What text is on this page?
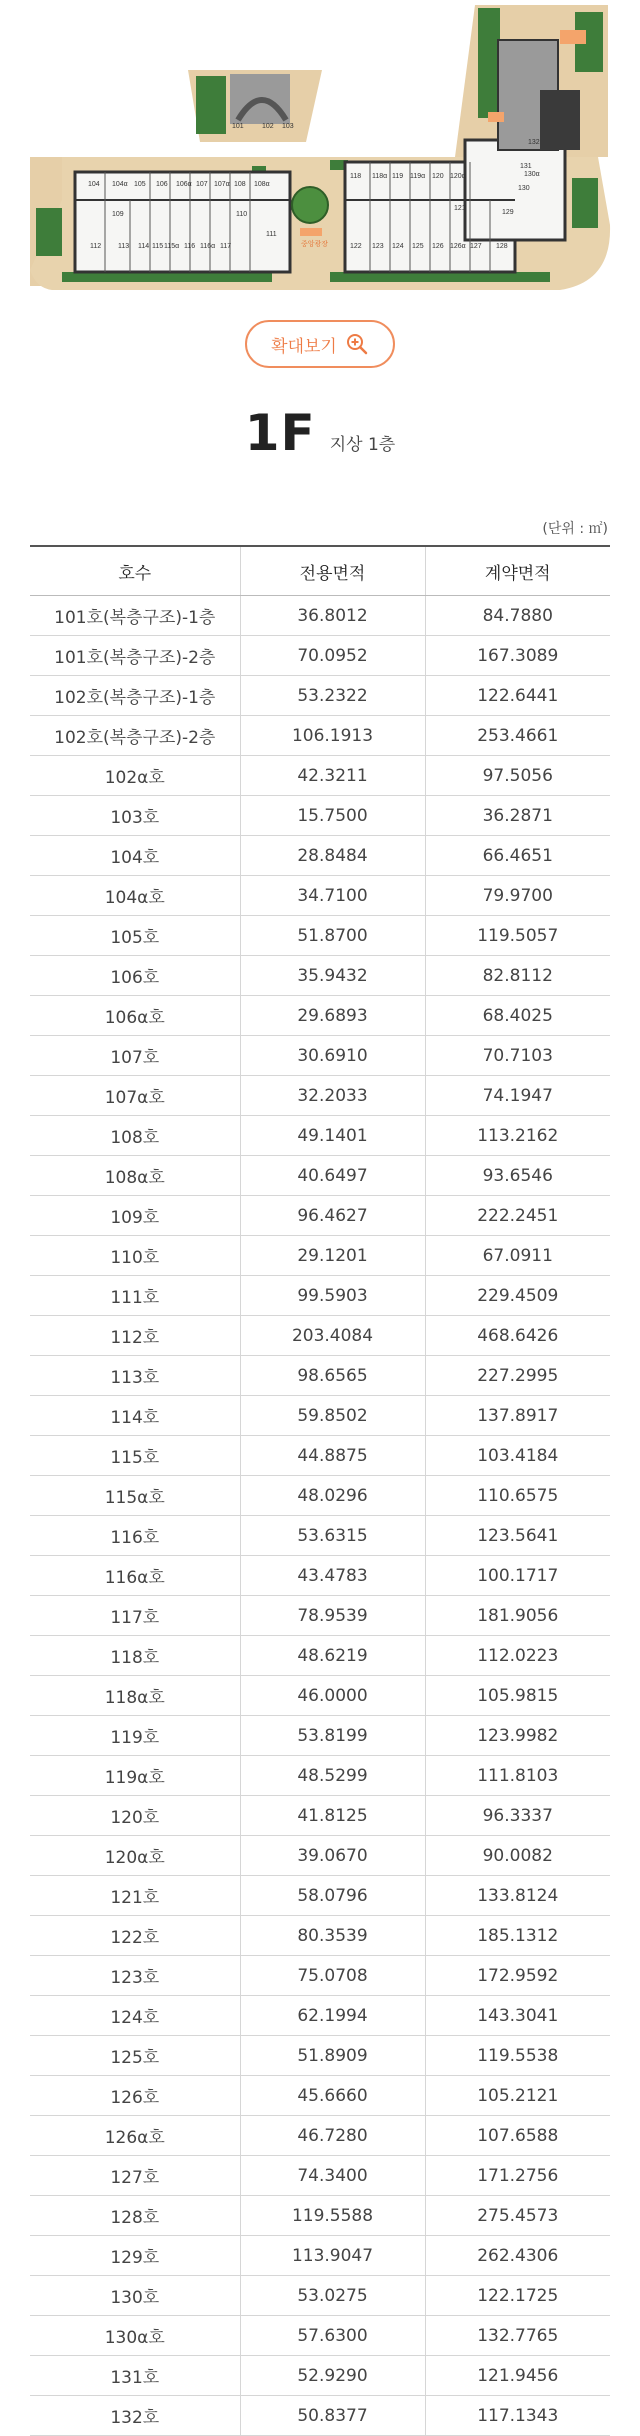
101	102 103
104 104α 105 106 106α 107 107α 108 108α
109	110
111
112 113 114 115 115α 116 116α 117
118 118α 119 119α 120 120α
121
122 123 124 125 126 126α 127 128
129
130
130α
131
132
중앙광장
확대보기
1F 지상 1층
(단위 : ㎡)
호수	전용면적	계약면적
101호(복층구조)-1층	36.8012	84.7880
101호(복층구조)-2층	70.0952	167.3089
102호(복층구조)-1층	53.2322	122.6441
102호(복층구조)-2층	106.1913	253.4661
102α호	42.3211	97.5056
103호	15.7500	36.2871
104호	28.8484	66.4651
104α호	34.7100	79.9700
105호	51.8700	119.5057
106호	35.9432	82.8112
106α호	29.6893	68.4025
107호	30.6910	70.7103
107α호	32.2033	74.1947
108호	49.1401	113.2162
108α호	40.6497	93.6546
109호	96.4627	222.2451
110호	29.1201	67.0911
111호	99.5903	229.4509
112호	203.4084	468.6426
113호	98.6565	227.2995
114호	59.8502	137.8917
115호	44.8875	103.4184
115α호	48.0296	110.6575
116호	53.6315	123.5641
116α호	43.4783	100.1717
117호	78.9539	181.9056
118호	48.6219	112.0223
118α호	46.0000	105.9815
119호	53.8199	123.9982
119α호	48.5299	111.8103
120호	41.8125	96.3337
120α호	39.0670	90.0082
121호	58.0796	133.8124
122호	80.3539	185.1312
123호	75.0708	172.9592
124호	62.1994	143.3041
125호	51.8909	119.5538
126호	45.6660	105.2121
126α호	46.7280	107.6588
127호	74.3400	171.2756
128호	119.5588	275.4573
129호	113.9047	262.4306
130호	53.0275	122.1725
130α호	57.6300	132.7765
131호	52.9290	121.9456
132호	50.8377	117.1343
